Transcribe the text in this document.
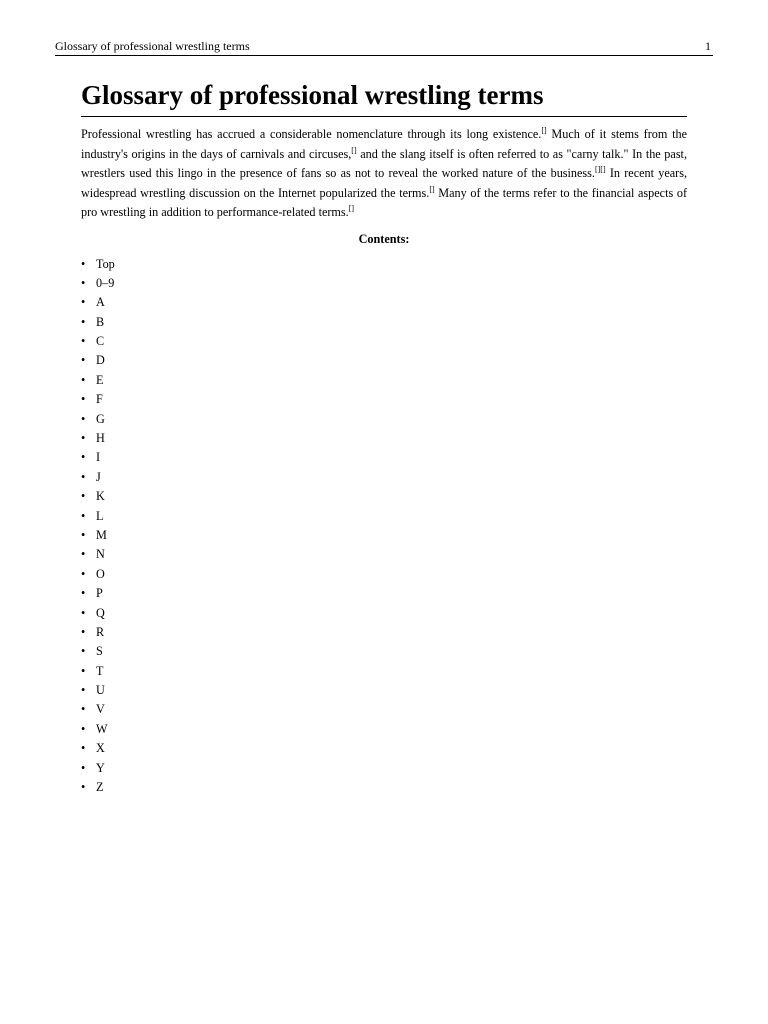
Glossary of professional wrestling terms	1
Glossary of professional wrestling terms

Professional wrestling has accrued a considerable nomenclature through its long existence.[] Much of it stems from the industry's origins in the days of carnivals and circuses,[] and the slang itself is often referred to as "carny talk." In the past, wrestlers used this lingo in the presence of fans so as not to reveal the worked nature of the business.[][] In recent years, widespread wrestling discussion on the Internet popularized the terms.[] Many of the terms refer to the financial aspects of pro wrestling in addition to performance-related terms.[]

Contents:
• Top
• 0–9
• A
• B
• C
• D
• E
• F
• G
• H
• I
• J
• K
• L
• M
• N
• O
• P
• Q
• R
• S
• T
• U
• V
• W
• X
• Y
• Z
